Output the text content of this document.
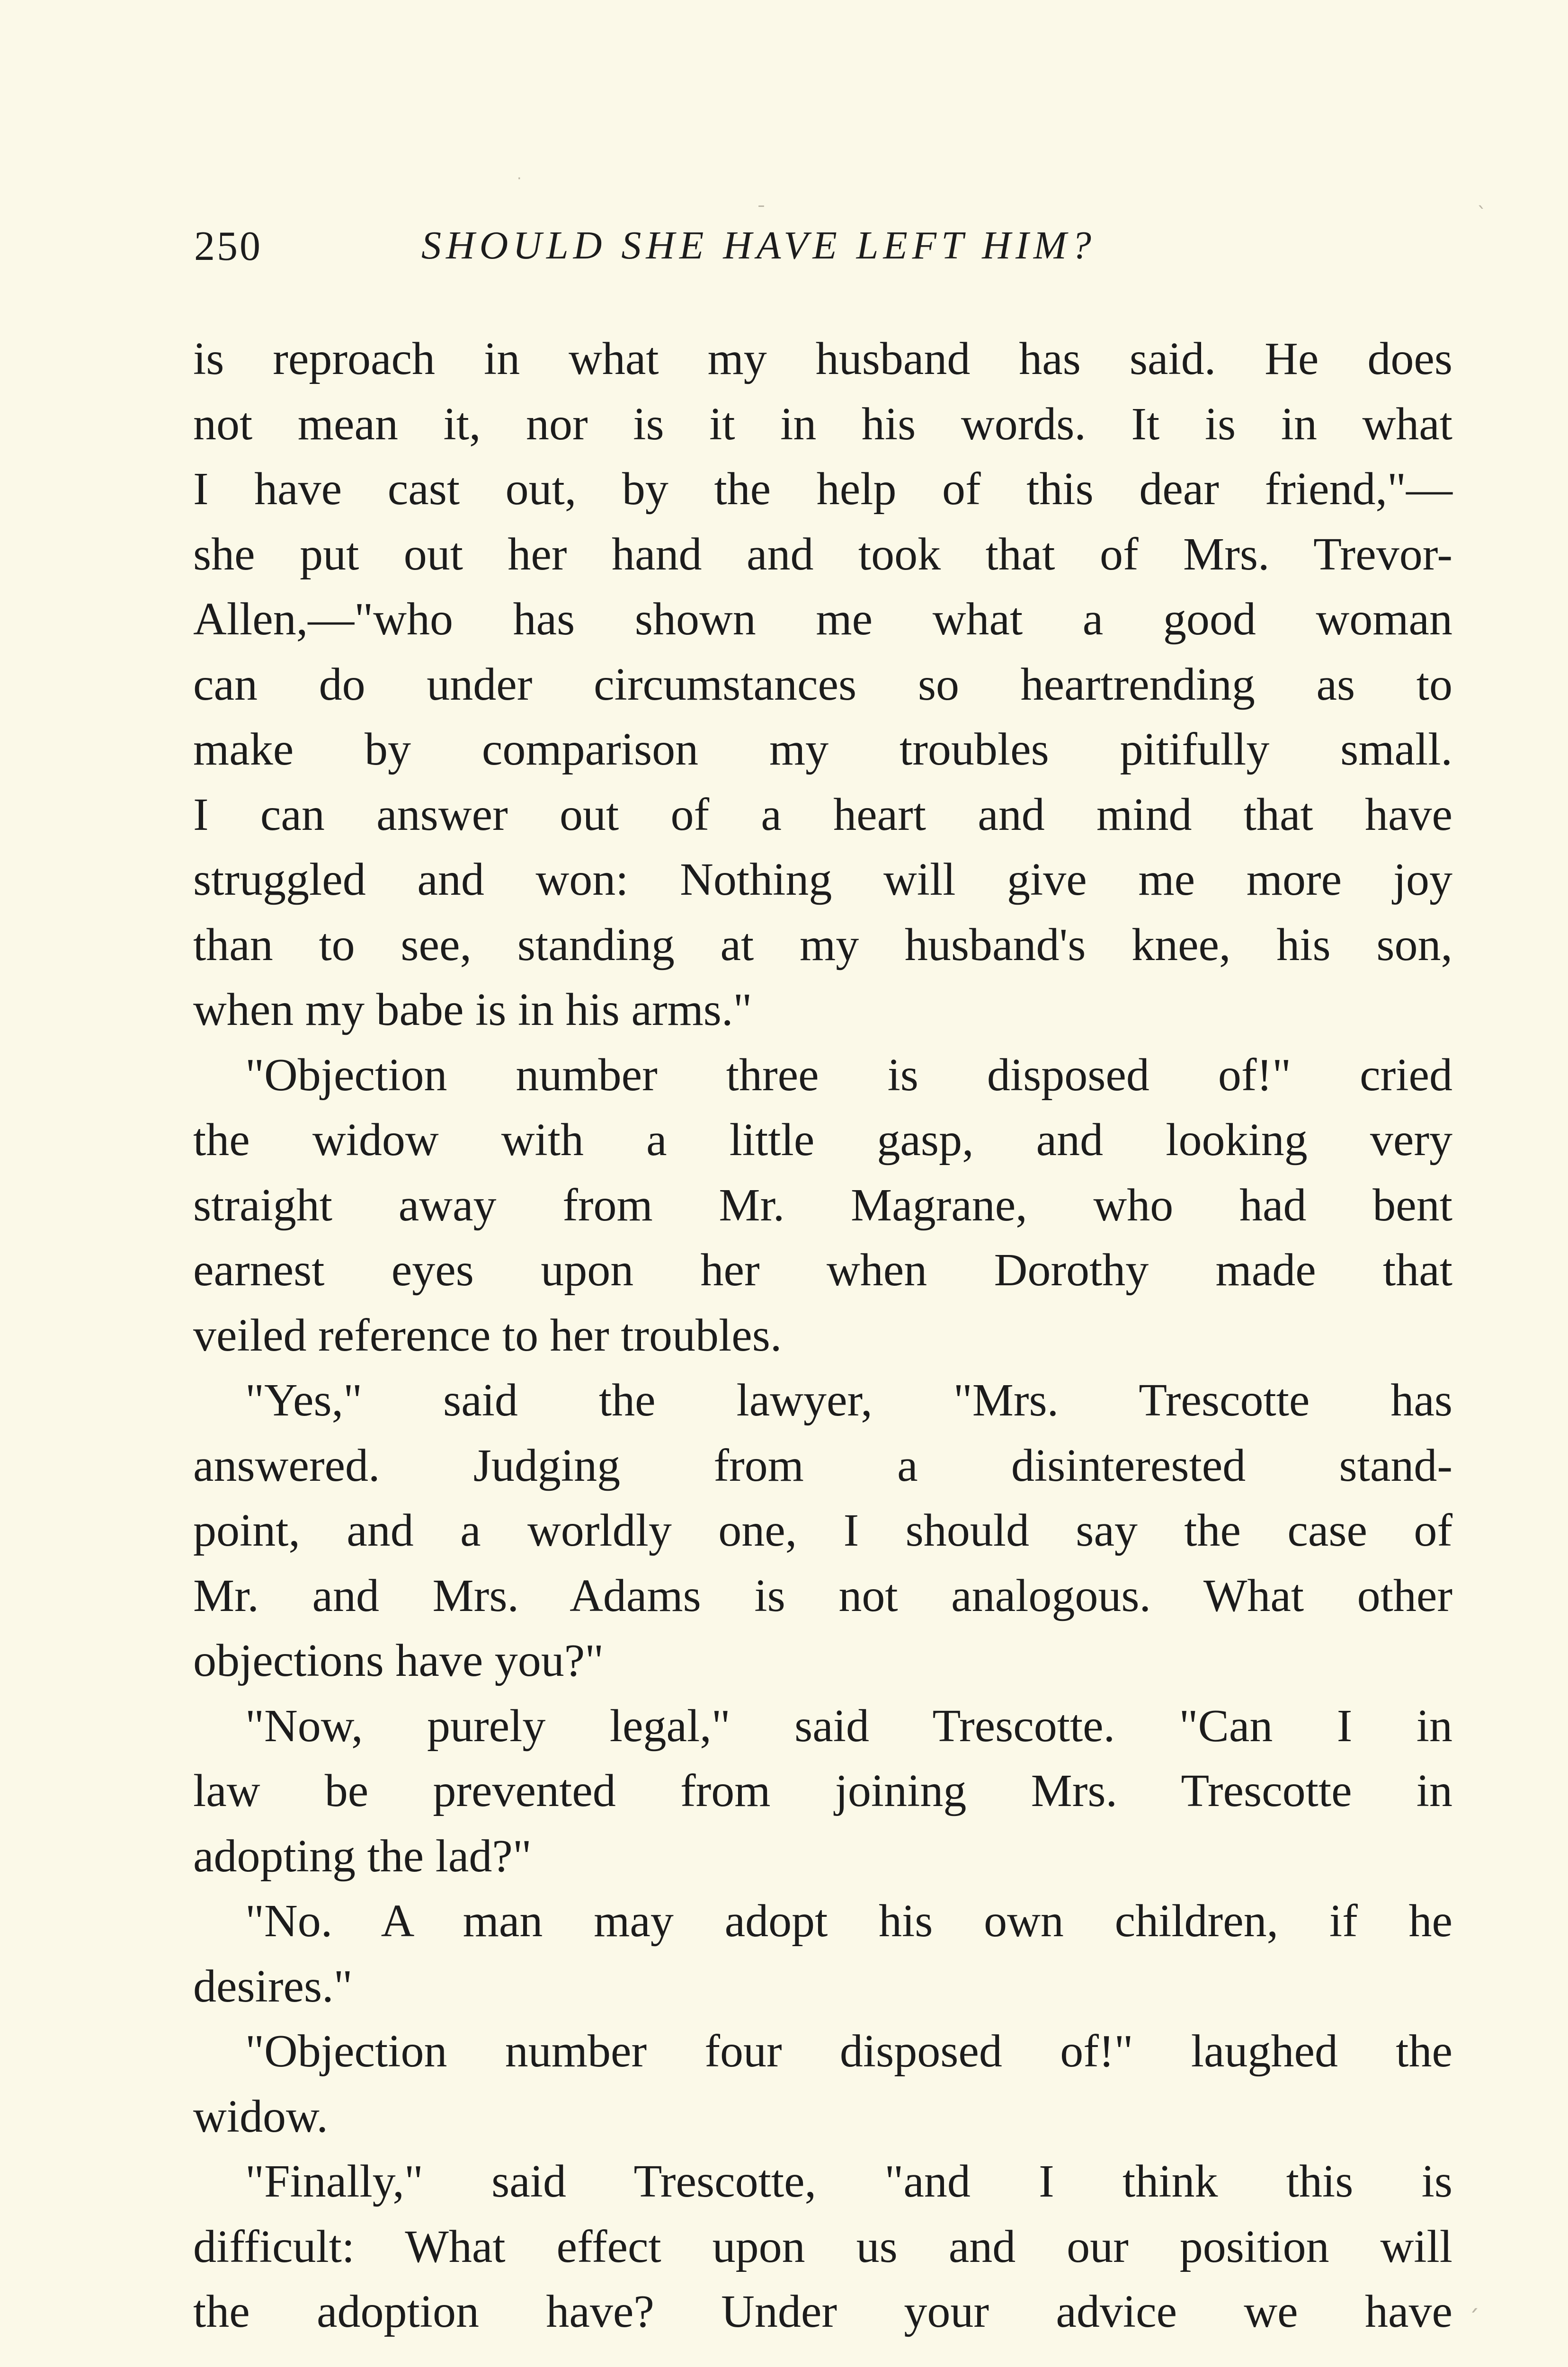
·
ˉ	ˋ
ˊ
250	SHOULD SHE HAVE LEFT HIM?
is reproach in what my husband has said. He does
not mean it, nor is it in his words. It is in what
I have cast out, by the help of this dear friend,"—
she put out her hand and took that of Mrs. Trevor-
Allen,—"who has shown me what a good woman
can do under circumstances so heartrending as to
make by comparison my troubles pitifully small.
I can answer out of a heart and mind that have
struggled and won: Nothing will give me more joy
than to see, standing at my husband's knee, his son,
when my babe is in his arms."
"Objection number three is disposed of!" cried
the widow with a little gasp, and looking very
straight away from Mr. Magrane, who had bent
earnest eyes upon her when Dorothy made that
veiled reference to her troubles.
"Yes," said the lawyer, "Mrs. Trescotte has
answered. Judging from a disinterested stand-
point, and a worldly one, I should say the case of
Mr. and Mrs. Adams is not analogous. What other
objections have you?"
"Now, purely legal," said Trescotte. "Can I in
law be prevented from joining Mrs. Trescotte in
adopting the lad?"
"No. A man may adopt his own children, if he
desires."
"Objection number four disposed of!" laughed the
widow.
"Finally," said Trescotte, "and I think this is
difficult: What effect upon us and our position will
the adoption have? Under your advice we have
